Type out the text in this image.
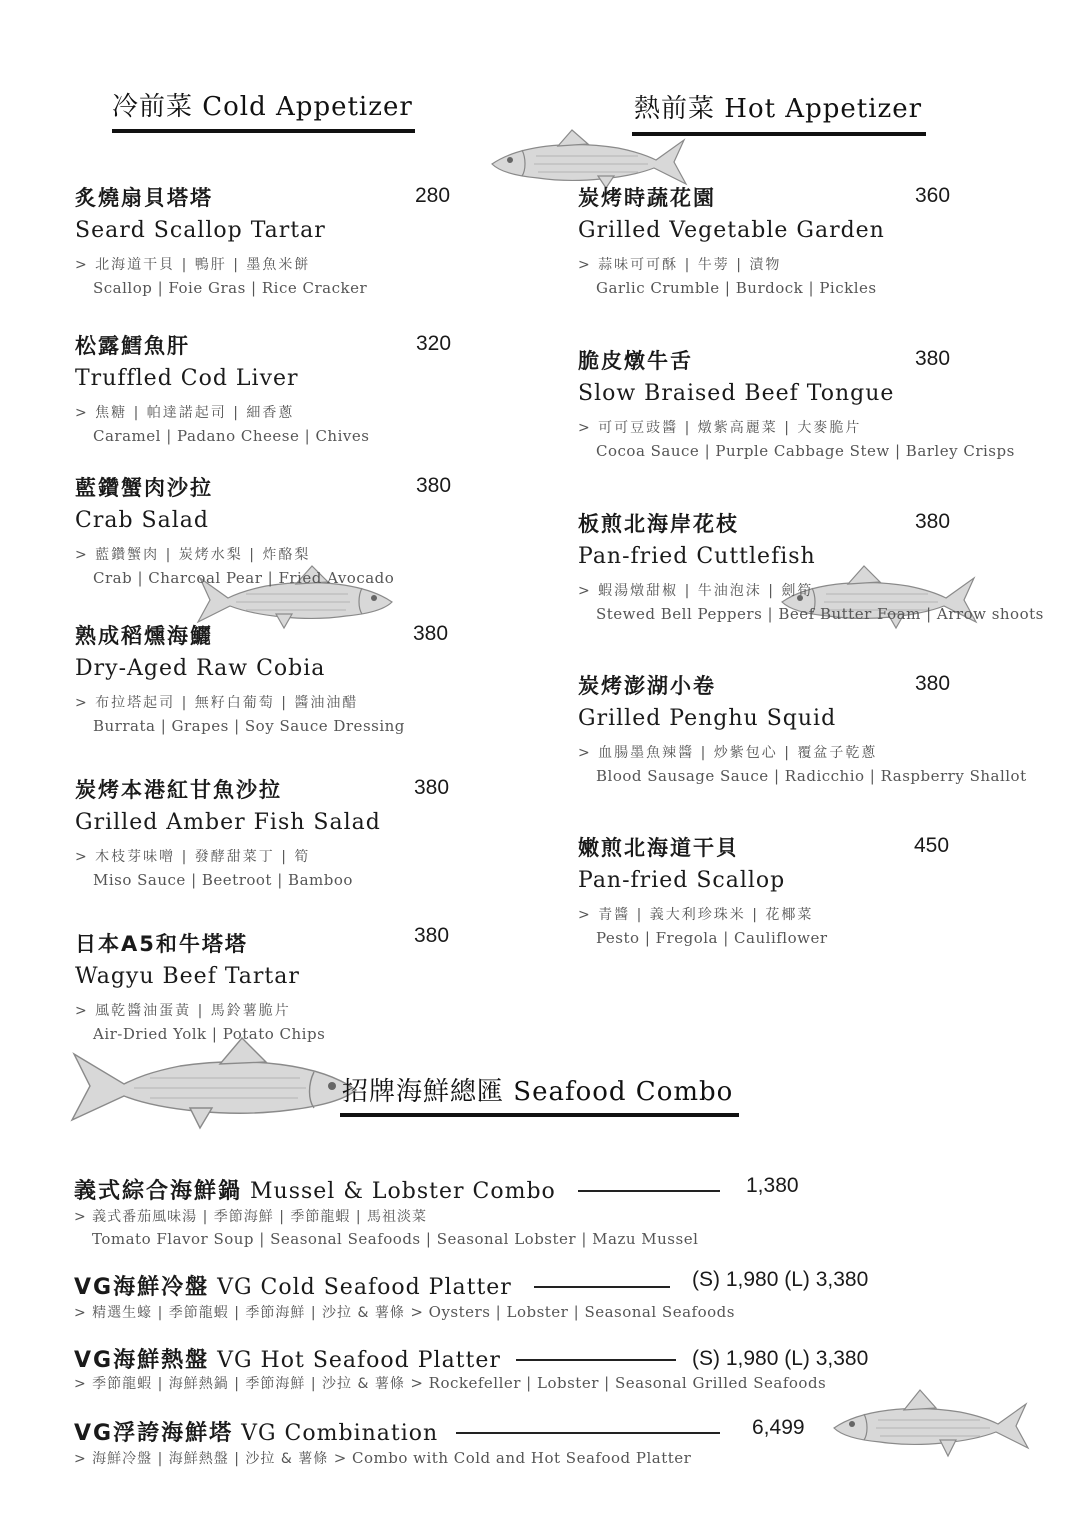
冷前菜 Cold Appetizer	熱前菜 Hot Appetizer
炙燒扇貝塔塔	280
Seard Scallop Tartar
> 北海道干貝 | 鴨肝 | 墨魚米餅
Scallop | Foie Gras | Rice Cracker
松露鱈魚肝	320
Truffled Cod Liver
> 焦糖 | 帕達諾起司 | 細香蔥
Caramel | Padano Cheese | Chives
藍鑽蟹肉沙拉	380
Crab Salad
> 藍鑽蟹肉 | 炭烤水梨 | 炸酪梨
Crab | Charcoal Pear | Fried Avocado
熟成稻燻海鱺	380
Dry-Aged Raw Cobia
> 布拉塔起司 | 無籽白葡萄 | 醬油油醋
Burrata | Grapes | Soy Sauce Dressing
炭烤本港紅甘魚沙拉	380
Grilled Amber Fish Salad
> 木枝芽味噌 | 發酵甜菜丁 | 筍
Miso Sauce | Beetroot | Bamboo
日本A5和牛塔塔	380
Wagyu Beef Tartar
> 風乾醬油蛋黃 | 馬鈴薯脆片
Air-Dried Yolk | Potato Chips
炭烤時蔬花園	360
Grilled Vegetable Garden
> 蒜味可可酥 | 牛蒡 | 漬物
Garlic Crumble | Burdock | Pickles
脆皮燉牛舌	380
Slow Braised Beef Tongue
> 可可豆豉醬 | 燉紫高麗菜 | 大麥脆片
Cocoa Sauce | Purple Cabbage Stew | Barley Crisps
板煎北海岸花枝	380
Pan-fried Cuttlefish
> 蝦湯燉甜椒 | 牛油泡沫 | 劍筍
Stewed Bell Peppers | Beef Butter Foam | Arrow shoots
炭烤澎湖小卷	380
Grilled Penghu Squid
> 血腸墨魚辣醬 | 炒紫包心 | 覆盆子乾蔥
Blood Sausage Sauce | Radicchio | Raspberry Shallot
嫩煎北海道干貝	450
Pan-fried Scallop
> 青醬 | 義大利珍珠米 | 花椰菜
Pesto | Fregola | Cauliflower
招牌海鮮總匯 Seafood Combo
義式綜合海鮮鍋 Mussel & Lobster Combo	1,380
> 義式番茄風味湯 | 季節海鮮 | 季節龍蝦 | 馬祖淡菜
Tomato Flavor Soup | Seasonal Seafoods | Seasonal Lobster | Mazu Mussel
VG海鮮冷盤 VG Cold Seafood Platter	(S) 1,980 (L) 3,380
> 精選生蠔 | 季節龍蝦 | 季節海鮮 | 沙拉 & 薯條 > Oysters | Lobster | Seasonal Seafoods
VG海鮮熱盤 VG Hot Seafood Platter	(S) 1,980 (L) 3,380
> 季節龍蝦 | 海鮮熱鍋 | 季節海鮮 | 沙拉 & 薯條 > Rockefeller | Lobster | Seasonal Grilled Seafoods
VG浮誇海鮮塔 VG Combination	6,499
> 海鮮冷盤 | 海鮮熱盤 | 沙拉 & 薯條 > Combo with Cold and Hot Seafood Platter
